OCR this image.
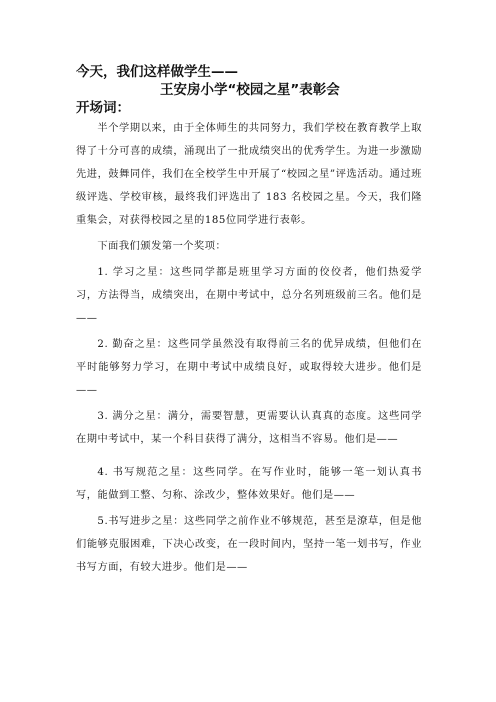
今天，我们这样做学生——

王安房小学“校园之星”表彰会

开场词：

半个学期以来，由于全体师生的共同努力，我们学校在教育教学上取得了十分可喜的成绩，涌现出了一批成绩突出的优秀学生。为进一步激励先进，鼓舞同伴，我们在全校学生中开展了“校园之星”评选活动。通过班级评选、学校审核，最终我们评选出了 183 名校园之星。今天，我们隆重集会，对获得校园之星的185位同学进行表彰。

下面我们颁发第一个奖项：

1. 学习之星：这些同学都是班里学习方面的佼佼者，他们热爱学习，方法得当，成绩突出，在期中考试中，总分名列班级前三名。他们是——

2. 勤奋之星：这些同学虽然没有取得前三名的优异成绩，但他们在平时能够努力学习，在期中考试中成绩良好，或取得较大进步。他们是——

3. 满分之星：满分，需要智慧，更需要认认真真的态度。这些同学在期中考试中，某一个科目获得了满分，这相当不容易。他们是——

4. 书写规范之星：这些同学。在写作业时，能够一笔一划认真书写，能做到工整、匀称、涂改少，整体效果好。他们是——

5.书写进步之星：这些同学之前作业不够规范，甚至是潦草，但是他们能够克服困难，下决心改变，在一段时间内，坚持一笔一划书写，作业书写方面，有较大进步。他们是——
